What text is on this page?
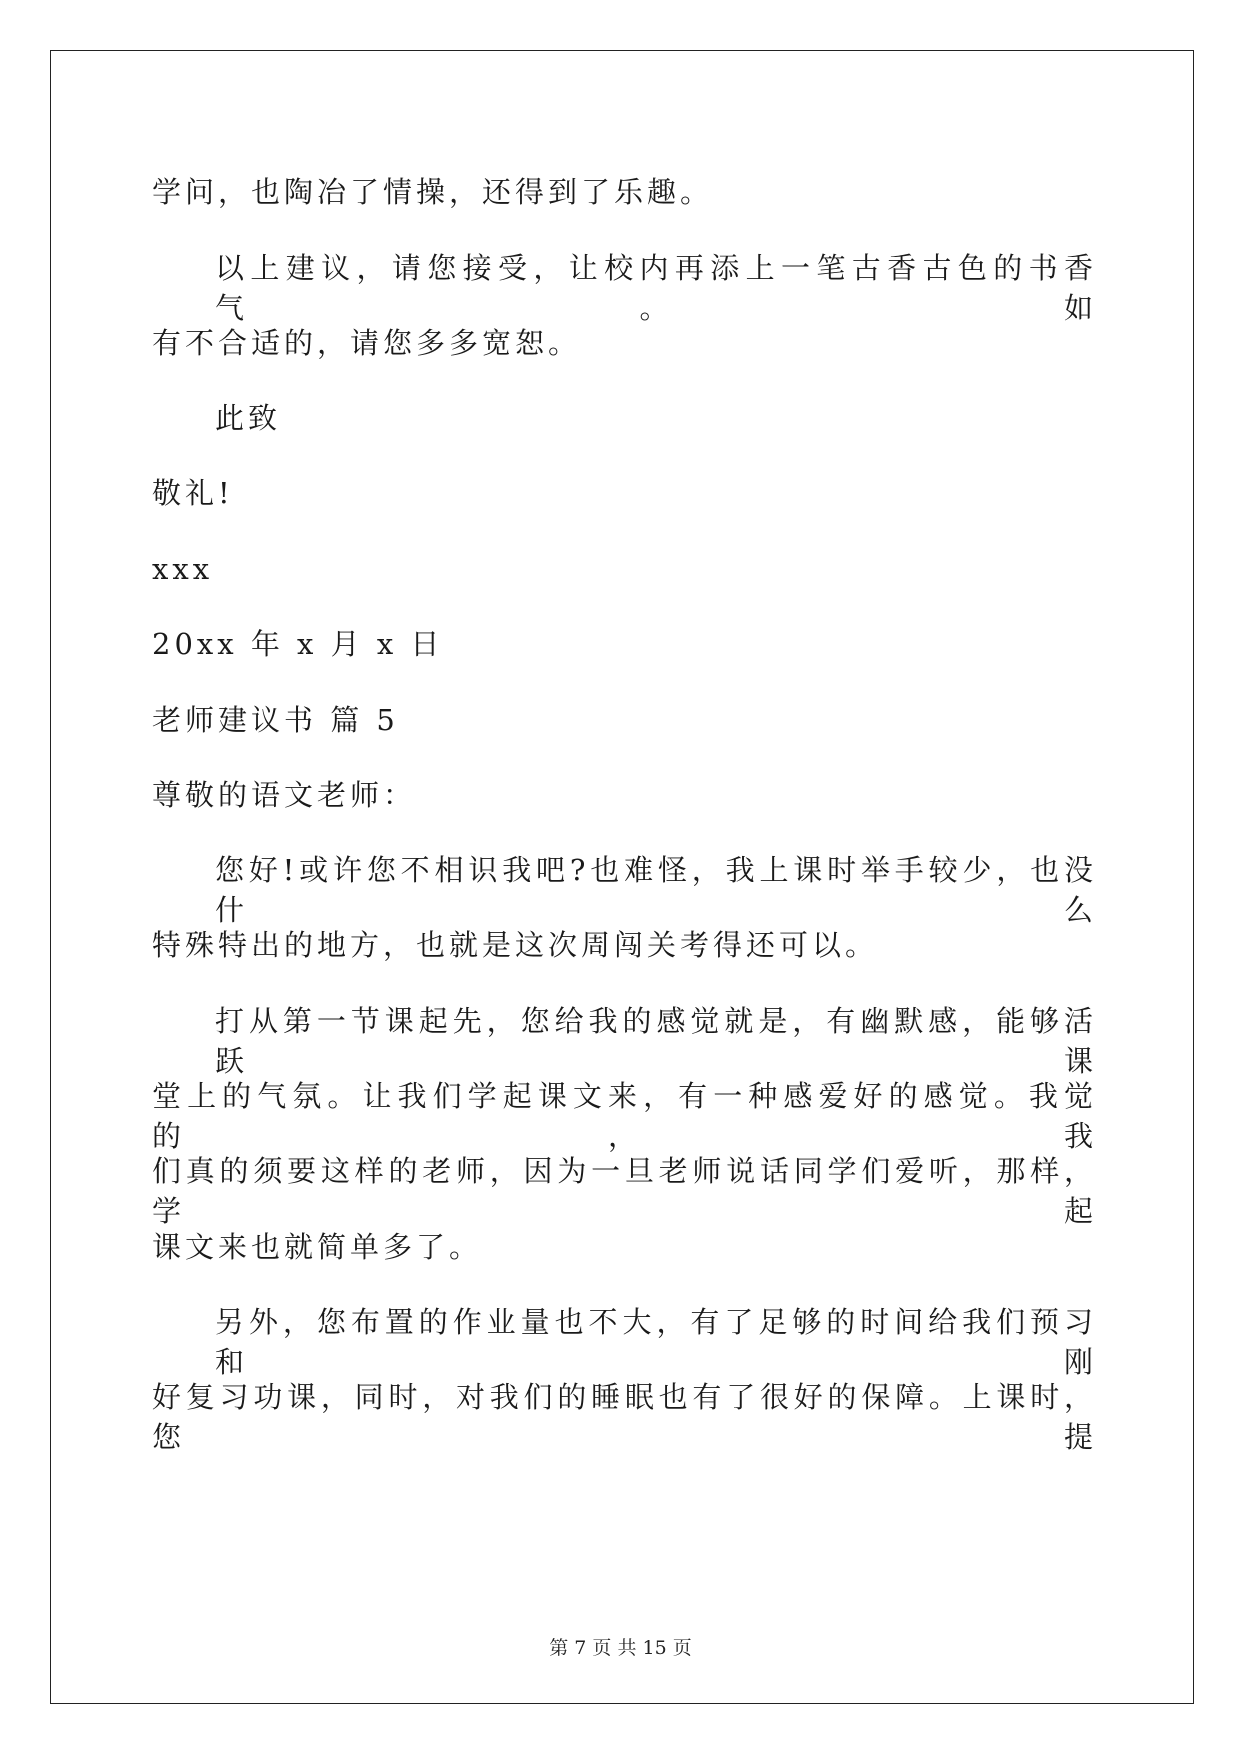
学问，也陶冶了情操，还得到了乐趣。
以上建议，请您接受，让校内再添上一笔古香古色的书香气。如
有不合适的，请您多多宽恕。
此致
敬礼!
xxx
20xx 年 x 月 x 日
老师建议书 篇 5
尊敬的语文老师：
您好!或许您不相识我吧?也难怪，我上课时举手较少，也没什么
特殊特出的地方，也就是这次周闯关考得还可以。
打从第一节课起先，您给我的感觉就是，有幽默感，能够活跃课
堂上的气氛。让我们学起课文来，有一种感爱好的感觉。我觉的，我
们真的须要这样的老师，因为一旦老师说话同学们爱听，那样，学起
课文来也就简单多了。
另外，您布置的作业量也不大，有了足够的时间给我们预习和刚
好复习功课，同时，对我们的睡眠也有了很好的保障。上课时，您提
第 7 页 共 15 页
